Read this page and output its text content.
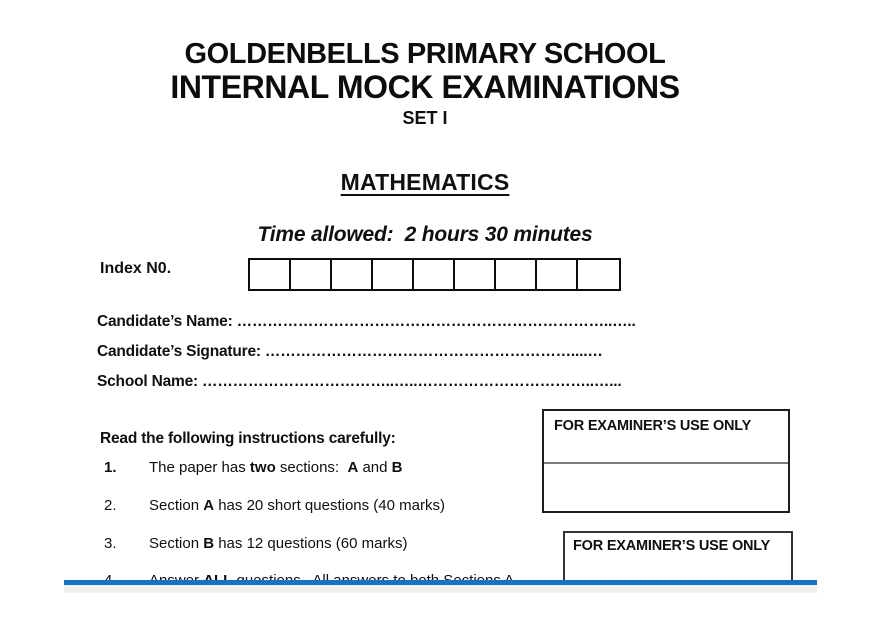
GOLDENBELLS PRIMARY SCHOOL
INTERNAL MOCK EXAMINATIONS
SET I
MATHEMATICS
Time allowed:  2 hours 30 minutes
Index N0.
Candidate’s Name: ………………………………………………………………..…..
Candidate’s Signature: ……………………………………………………....…
School Name: ………………………………..…..……………………………..…...
Read the following instructions carefully:
1.	The paper has two sections:  A and B
2.	Section A has 20 short questions (40 marks)
3.	Section B has 12 questions (60 marks)
FOR EXAMINER’S USE ONLY
FOR EXAMINER’S USE ONLY
